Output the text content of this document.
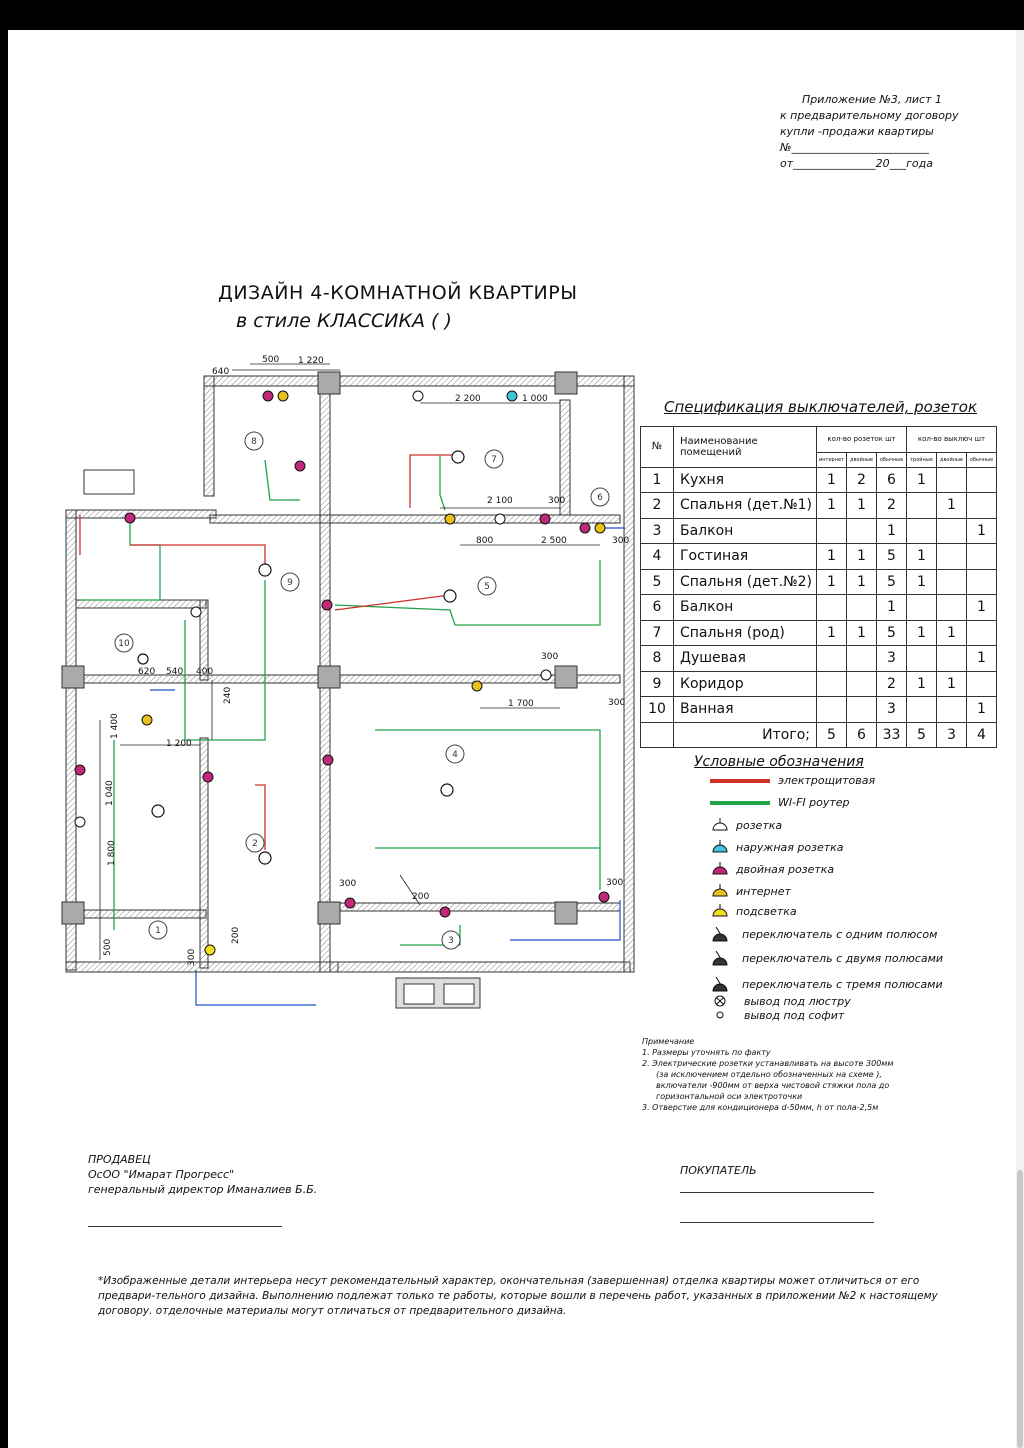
Приложение №3, лист 1
к предварительному договору
купли -продажи квартиры
№_________________________
от_______________20___года
ДИЗАЙН 4-КОМНАТНОЙ КВАРТИРЫ
в стиле КЛАССИКА ( )
640
500 1 220
2 200	1 000
2 100	300
800	2 500	300
300
620 540 400
1 700
1 400
1 200
1 040
1 800
500
300
200
300	300
200
300
240
1
2
3
4
5
6
7
8
9
10
Спецификация выключателей, розеток
№	Наименование помещений	кол-во розеток шт			кол-во выключ шт		
		интернет	двойные	обычные	тройные	двойные	обычные
1	Кухня	1	2	6	1		
2	Спальня (дет.№1)	1	1	2		1	
3	Балкон			1			1
4	Гостиная	1	1	5	1		
5	Спальня (дет.№2)	1	1	5	1		
6	Балкон			1			1
7	Спальня (род)	1	1	5	1	1	
8	Душевая			3			1
9	Коридор			2	1	1	
10	Ванная			3			1
	Итого;	5	6	33	5	3	4
Условные обозначения
электрощитовая
WI-FI роутер
розетка
наружная розетка
двойная розетка
интернет
подсветка
переключатель с одним полюсом
переключатель с двумя полюсами
переключатель с тремя полюсами
вывод под люстру
вывод под софит
Примечание
1. Размеры уточнять по факту
2. Электрические розетки устанавливать на высоте 300мм
(за исключением отдельно обозначенных на схеме ),
включатели -900мм от верха чистовой стяжки пола до
горизонтальной оси электроточки
3. Отверстие для кондиционера d-50мм, h от пола-2,5м
ПРОДАВЕЦ
ОсОО "Имарат Прогресс"
генеральный директор Иманалиев Б.Б.
ПОКУПАТЕЛЬ
*Изображенные детали интерьера несут рекомендательный характер, окончательная (завершенная) отделка квартиры может отличиться от его предвари-тельного дизайна. Выполнению подлежат только те работы, которые вошли в перечень работ, указанных в приложении №2 к настоящему договору. отделочные материалы могут отличаться от предварительного дизайна.
